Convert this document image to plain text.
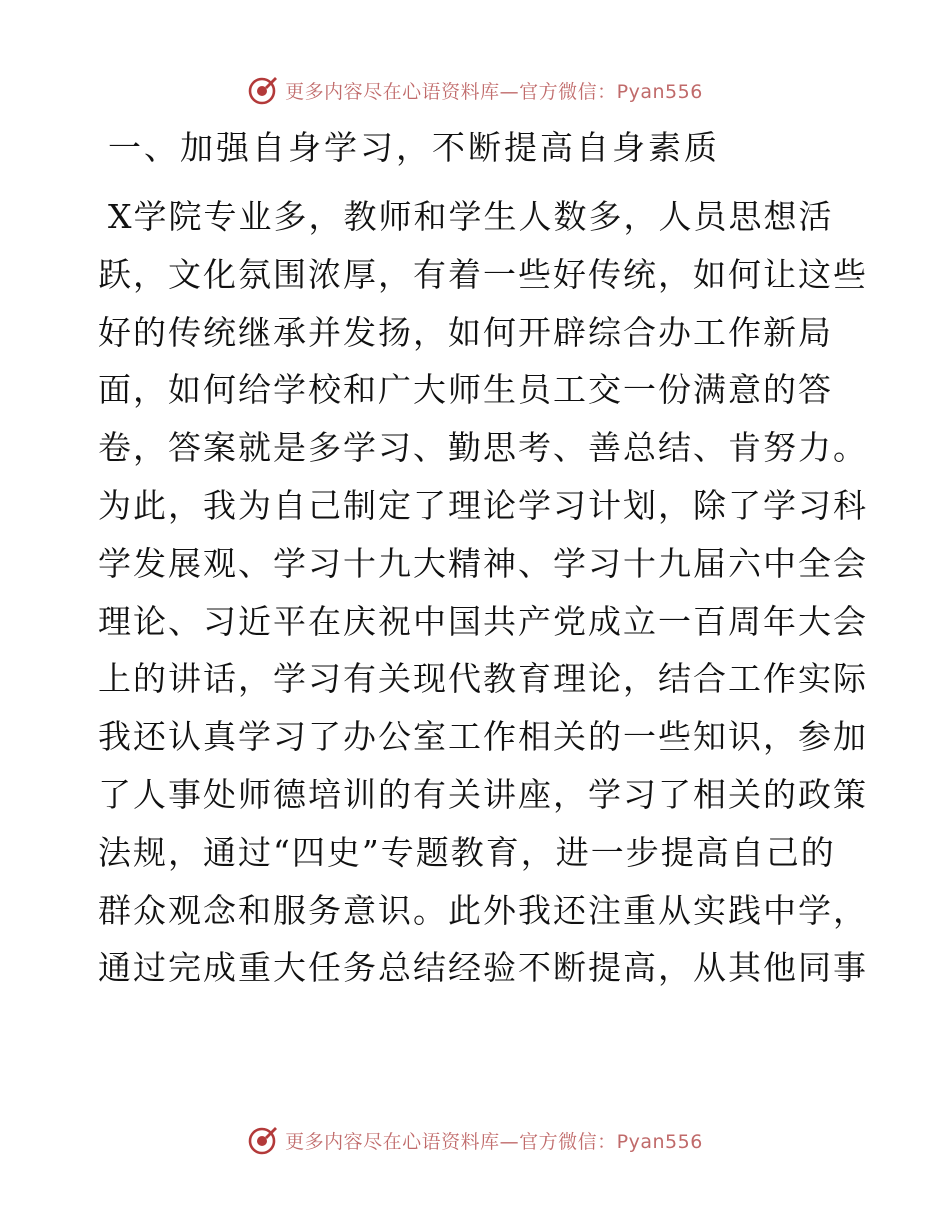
更多内容尽在心语资料库—官方微信：Pyan556
一、加强自身学习，不断提高自身素质
X学院专业多，教师和学生人数多，人员思想活
跃，文化氛围浓厚，有着一些好传统，如何让这些
好的传统继承并发扬，如何开辟综合办工作新局
面，如何给学校和广大师生员工交一份满意的答
卷，答案就是多学习、勤思考、善总结、肯努力。
为此，我为自己制定了理论学习计划，除了学习科
学发展观、学习十九大精神、学习十九届六中全会
理论、习近平在庆祝中国共产党成立一百周年大会
上的讲话，学习有关现代教育理论，结合工作实际
我还认真学习了办公室工作相关的一些知识，参加
了人事处师德培训的有关讲座，学习了相关的政策
法规，通过“四史”专题教育，进一步提高自己的
群众观念和服务意识。此外我还注重从实践中学，
通过完成重大任务总结经验不断提高，从其他同事
更多内容尽在心语资料库—官方微信：Pyan556
